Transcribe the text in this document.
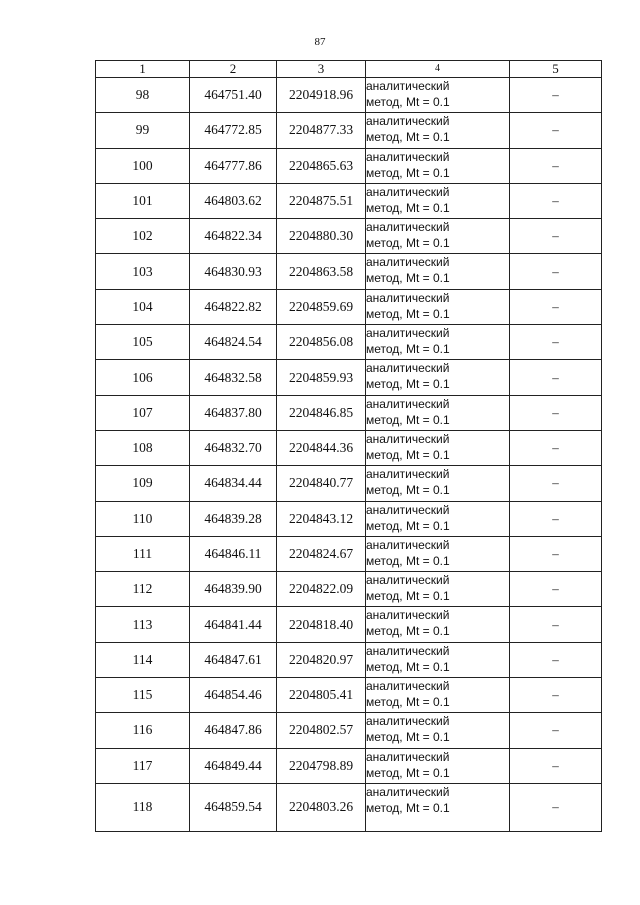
87
1	2	3	4	5
98	464751.40	2204918.96	аналитический
метод, Mt = 0.1	–
99	464772.85	2204877.33	аналитический
метод, Mt = 0.1	–
100	464777.86	2204865.63	аналитический
метод, Mt = 0.1	–
101	464803.62	2204875.51	аналитический
метод, Mt = 0.1	–
102	464822.34	2204880.30	аналитический
метод, Mt = 0.1	–
103	464830.93	2204863.58	аналитический
метод, Mt = 0.1	–
104	464822.82	2204859.69	аналитический
метод, Mt = 0.1	–
105	464824.54	2204856.08	аналитический
метод, Mt = 0.1	–
106	464832.58	2204859.93	аналитический
метод, Mt = 0.1	–
107	464837.80	2204846.85	аналитический
метод, Mt = 0.1	–
108	464832.70	2204844.36	аналитический
метод, Mt = 0.1	–
109	464834.44	2204840.77	аналитический
метод, Mt = 0.1	–
110	464839.28	2204843.12	аналитический
метод, Mt = 0.1	–
111	464846.11	2204824.67	аналитический
метод, Mt = 0.1	–
112	464839.90	2204822.09	аналитический
метод, Mt = 0.1	–
113	464841.44	2204818.40	аналитический
метод, Mt = 0.1	–
114	464847.61	2204820.97	аналитический
метод, Mt = 0.1	–
115	464854.46	2204805.41	аналитический
метод, Mt = 0.1	–
116	464847.86	2204802.57	аналитический
метод, Mt = 0.1	–
117	464849.44	2204798.89	аналитический
метод, Mt = 0.1	–
118	464859.54	2204803.26	аналитический
метод, Mt = 0.1	–
